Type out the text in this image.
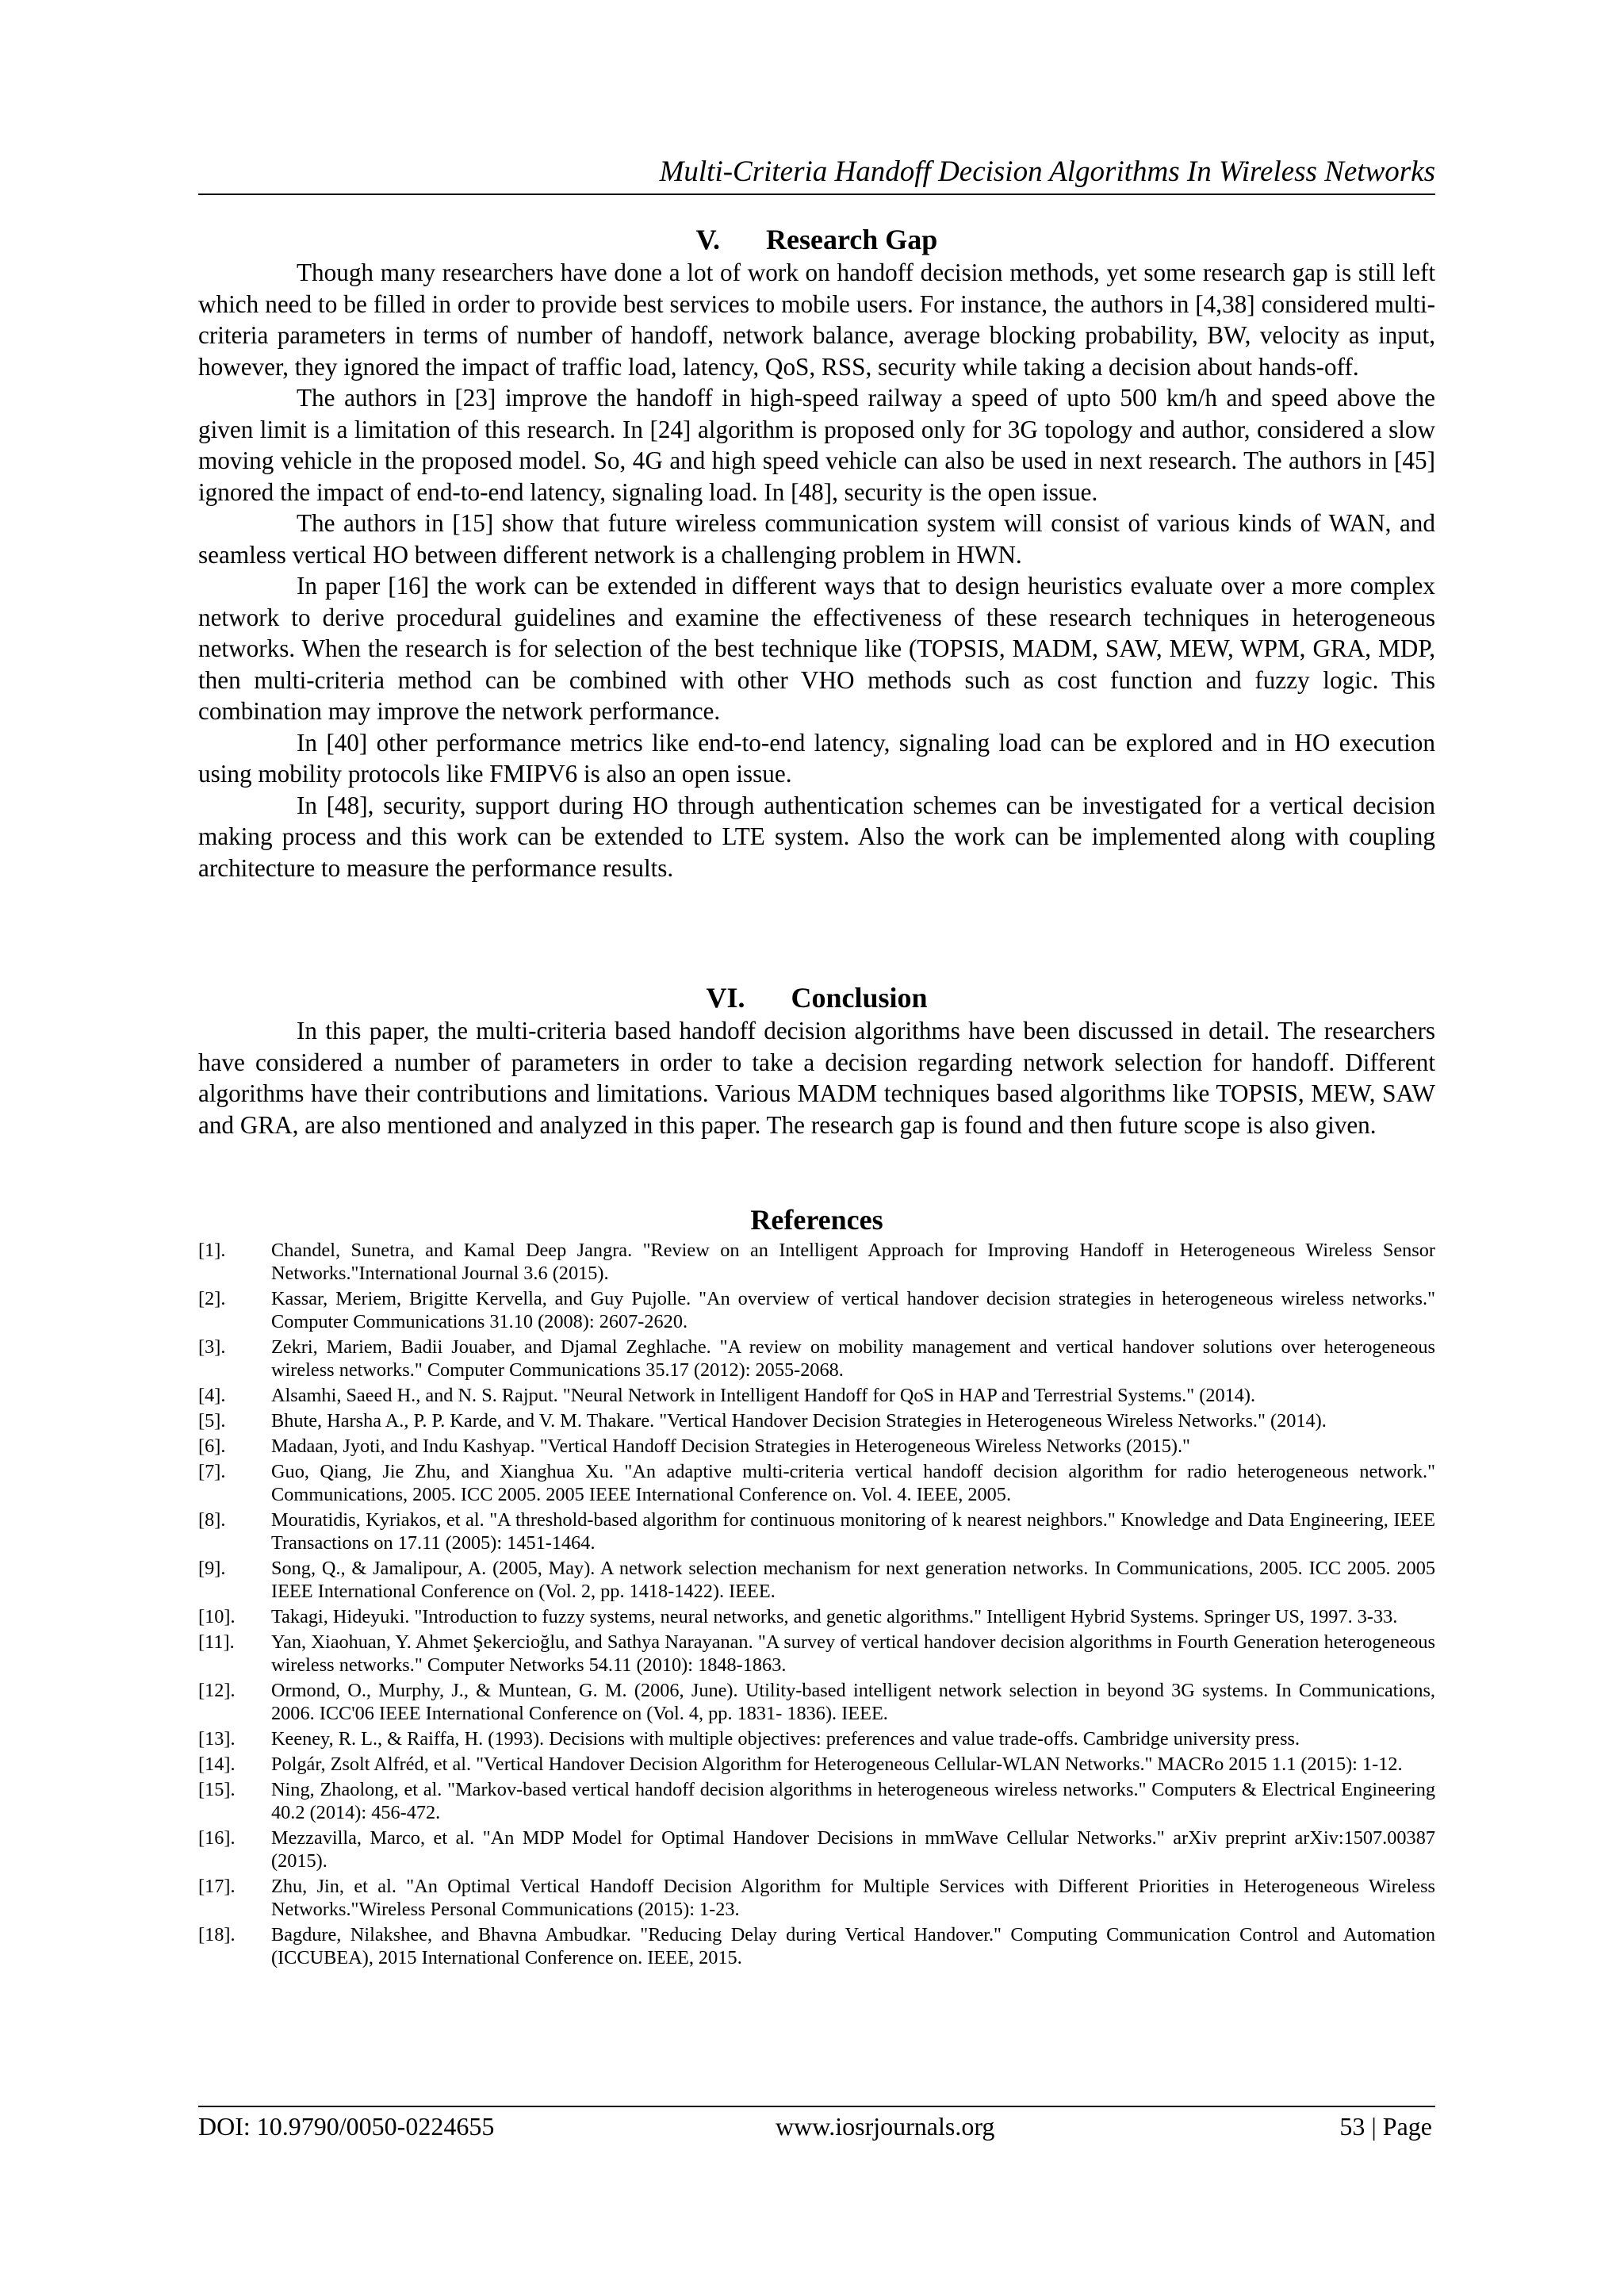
Multi-Criteria Handoff Decision Algorithms In Wireless Networks
V. Research Gap

Though many researchers have done a lot of work on handoff decision methods, yet some research gap is still left which need to be filled in order to provide best services to mobile users. For instance, the authors in [4,38] considered multi-criteria parameters in terms of number of handoff, network balance, average blocking probability, BW, velocity as input, however, they ignored the impact of traffic load, latency, QoS, RSS, security while taking a decision about hands-off.

The authors in [23] improve the handoff in high-speed railway a speed of upto 500 km/h and speed above the given limit is a limitation of this research. In [24] algorithm is proposed only for 3G topology and author, considered a slow moving vehicle in the proposed model. So, 4G and high speed vehicle can also be used in next research. The authors in [45] ignored the impact of end-to-end latency, signaling load. In [48], security is the open issue.

The authors in [15] show that future wireless communication system will consist of various kinds of WAN, and seamless vertical HO between different network is a challenging problem in HWN.

In paper [16] the work can be extended in different ways that to design heuristics evaluate over a more complex network to derive procedural guidelines and examine the effectiveness of these research techniques in heterogeneous networks. When the research is for selection of the best technique like (TOPSIS, MADM, SAW, MEW, WPM, GRA, MDP, then multi-criteria method can be combined with other VHO methods such as cost function and fuzzy logic. This combination may improve the network performance.

In [40] other performance metrics like end-to-end latency, signaling load can be explored and in HO execution using mobility protocols like FMIPV6 is also an open issue.

In [48], security, support during HO through authentication schemes can be investigated for a vertical decision making process and this work can be extended to LTE system. Also the work can be implemented along with coupling architecture to measure the performance results.

VI. Conclusion

In this paper, the multi-criteria based handoff decision algorithms have been discussed in detail. The researchers have considered a number of parameters in order to take a decision regarding network selection for handoff. Different algorithms have their contributions and limitations. Various MADM techniques based algorithms like TOPSIS, MEW, SAW and GRA, are also mentioned and analyzed in this paper. The research gap is found and then future scope is also given.

References
[1].	Chandel, Sunetra, and Kamal Deep Jangra. "Review on an Intelligent Approach for Improving Handoff in Heterogeneous Wireless Sensor Networks."International Journal 3.6 (2015).
[2].	Kassar, Meriem, Brigitte Kervella, and Guy Pujolle. "An overview of vertical handover decision strategies in heterogeneous wireless networks." Computer Communications 31.10 (2008): 2607-2620.
[3].	Zekri, Mariem, Badii Jouaber, and Djamal Zeghlache. "A review on mobility management and vertical handover solutions over heterogeneous wireless networks." Computer Communications 35.17 (2012): 2055-2068.
[4].	Alsamhi, Saeed H., and N. S. Rajput. "Neural Network in Intelligent Handoff for QoS in HAP and Terrestrial Systems." (2014).
[5].	Bhute, Harsha A., P. P. Karde, and V. M. Thakare. "Vertical Handover Decision Strategies in Heterogeneous Wireless Networks." (2014).
[6].	Madaan, Jyoti, and Indu Kashyap. "Vertical Handoff Decision Strategies in Heterogeneous Wireless Networks (2015)."
[7].	Guo, Qiang, Jie Zhu, and Xianghua Xu. "An adaptive multi-criteria vertical handoff decision algorithm for radio heterogeneous network." Communications, 2005. ICC 2005. 2005 IEEE International Conference on. Vol. 4. IEEE, 2005.
[8].	Mouratidis, Kyriakos, et al. "A threshold-based algorithm for continuous monitoring of k nearest neighbors." Knowledge and Data Engineering, IEEE Transactions on 17.11 (2005): 1451-1464.
[9].	Song, Q., & Jamalipour, A. (2005, May). A network selection mechanism for next generation networks. In Communications, 2005. ICC 2005. 2005 IEEE International Conference on (Vol. 2, pp. 1418-1422). IEEE.
[10].	Takagi, Hideyuki. "Introduction to fuzzy systems, neural networks, and genetic algorithms." Intelligent Hybrid Systems. Springer US, 1997. 3-33.
[11].	Yan, Xiaohuan, Y. Ahmet Şekercioğlu, and Sathya Narayanan. "A survey of vertical handover decision algorithms in Fourth Generation heterogeneous wireless networks." Computer Networks 54.11 (2010): 1848-1863.
[12].	Ormond, O., Murphy, J., & Muntean, G. M. (2006, June). Utility-based intelligent network selection in beyond 3G systems. In Communications, 2006. ICC'06 IEEE International Conference on (Vol. 4, pp. 1831- 1836). IEEE.
[13].	Keeney, R. L., & Raiffa, H. (1993). Decisions with multiple objectives: preferences and value trade-offs. Cambridge university press.
[14].	Polgár, Zsolt Alfréd, et al. "Vertical Handover Decision Algorithm for Heterogeneous Cellular-WLAN Networks." MACRo 2015 1.1 (2015): 1-12.
[15].	Ning, Zhaolong, et al. "Markov-based vertical handoff decision algorithms in heterogeneous wireless networks." Computers & Electrical Engineering 40.2 (2014): 456-472.
[16].	Mezzavilla, Marco, et al. "An MDP Model for Optimal Handover Decisions in mmWave Cellular Networks." arXiv preprint arXiv:1507.00387 (2015).
[17].	Zhu, Jin, et al. "An Optimal Vertical Handoff Decision Algorithm for Multiple Services with Different Priorities in Heterogeneous Wireless Networks."Wireless Personal Communications (2015): 1-23.
[18].	Bagdure, Nilakshee, and Bhavna Ambudkar. "Reducing Delay during Vertical Handover." Computing Communication Control and Automation (ICCUBEA), 2015 International Conference on. IEEE, 2015.
DOI: 10.9790/0050-0224655	www.iosrjournals.org	53 | Page
